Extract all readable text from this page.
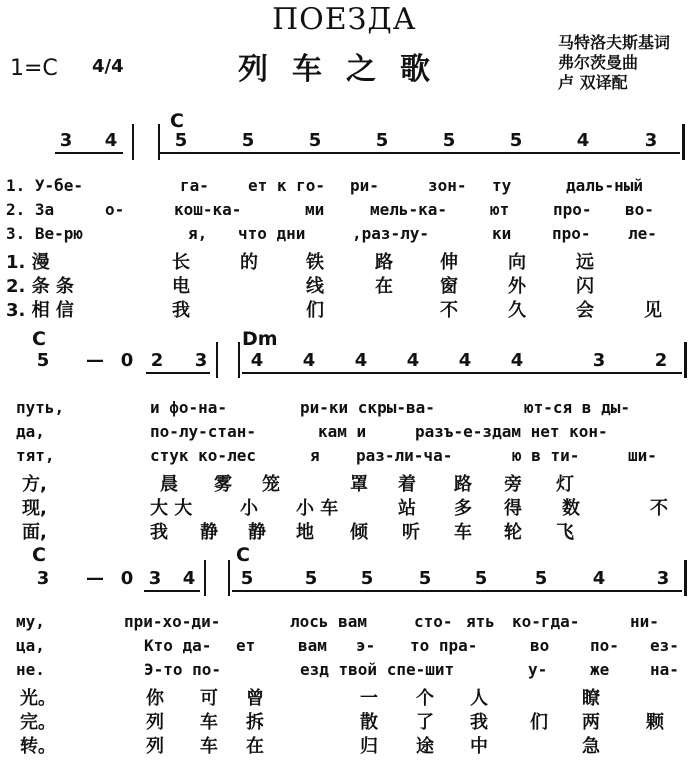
ПОЕЗДА
列车之歌
1=C 4/4
马特洛夫斯基词
弗尔茨曼曲
卢 双译配
C
3 4	5	5	5	5	5	5	4	3
1. У-бе-	га- ет к го- ри-	зон- ту	даль-ный
2. За	о-	кош-ка-	ми	мель-ка-	ют	про- во-
3. Ве-рю	я, что дни	,раз-лу-	ки	про- ле-
1. 漫	长	的	铁	路	伸	向	远
2. 条 条	电	线	在	窗	外	闪
3. 相 信	我	们	不	久	会	见
C	Dm
5 — 0 2 3 4 4 4 4 4 4	3	2
путь,	и фо-на-	ри-ки скры-ва-	ют-ся в ды-
да,	по-лу-стан-	кам и	разъ-е-здам нет кон-
тят,	стук ко-лес	я раз-ли-ча-	ю в ти-	ши-
方,	晨 雾 笼	罩 着 路 旁 灯
现,	大 大	小 小 车	站 多 得 数	不
面,	我 静 静 地 倾 听 车 轮 飞
C	C
3 — 0 3 4	5	5 5	5 5	5	4	3
му,	при-хо-ди-	лось вам	сто- ять ко-гда-	ни-
ца,	Кто да- ет	вам э- то пра-	во	по- ез-
не.	Э-то по-	езд твой спе-шит	у-	же	на-
光。	你 可 曾	一 个 人	瞭
完。	列 车 拆	散 了 我 们 两	颗
转。	列 车 在	归 途 中	急
